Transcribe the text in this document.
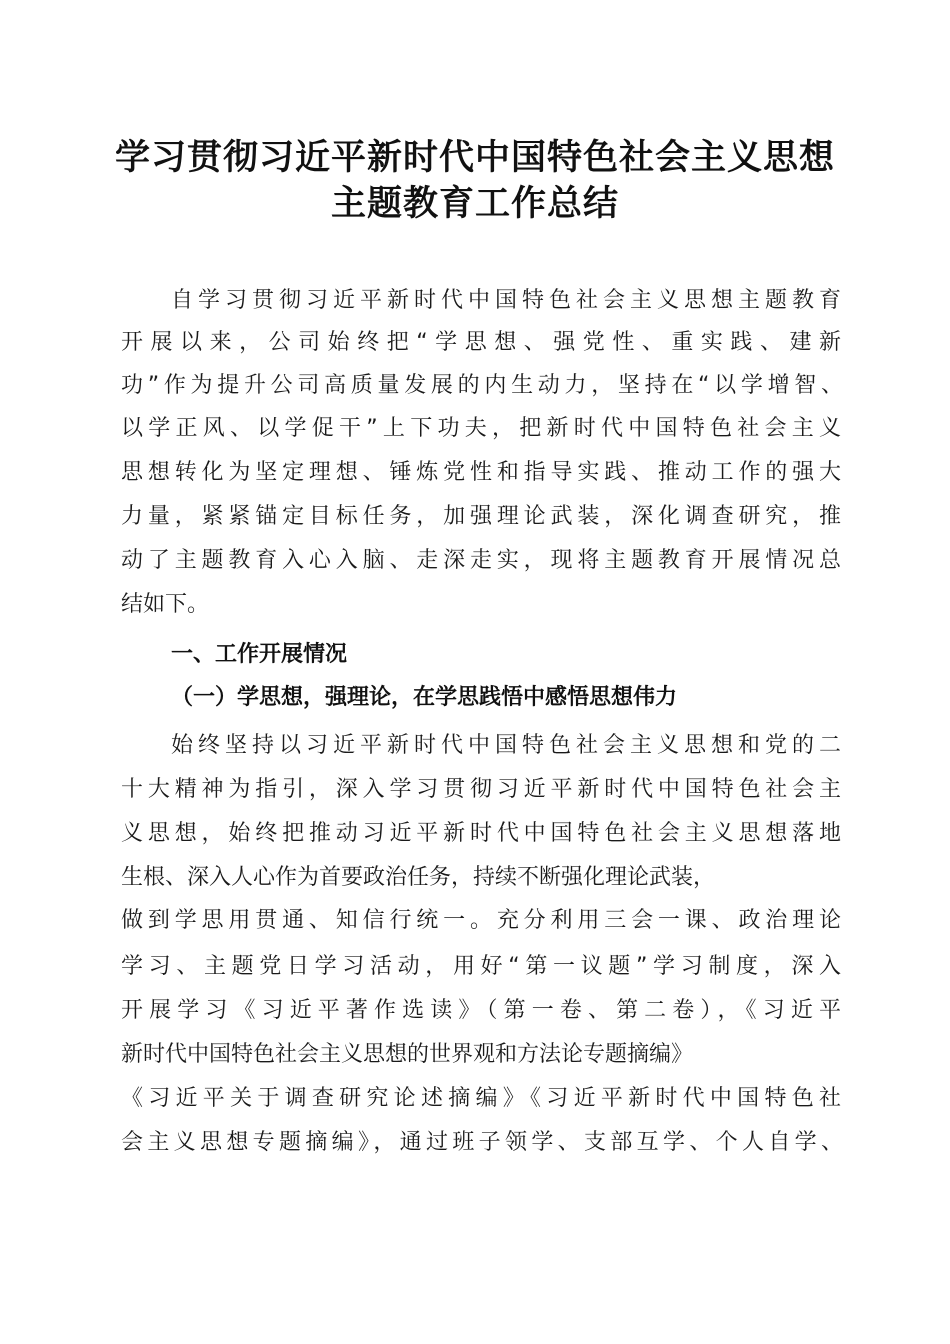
学习贯彻习近平新时代中国特色社会主义思想
主题教育工作总结
自学习贯彻习近平新时代中国特色社会主义思想主题教育
开展以来，公司始终把“学思想、强党性、重实践、建新
功”作为提升公司高质量发展的内生动力，坚持在“以学增智、
以学正风、以学促干”上下功夫，把新时代中国特色社会主义
思想转化为坚定理想、锤炼党性和指导实践、推动工作的强大
力量，紧紧锚定目标任务，加强理论武装，深化调查研究，推
动了主题教育入心入脑、走深走实，现将主题教育开展情况总
结如下。
一、工作开展情况
（一）学思想，强理论，在学思践悟中感悟思想伟力
始终坚持以习近平新时代中国特色社会主义思想和党的二
十大精神为指引，深入学习贯彻习近平新时代中国特色社会主
义思想，始终把推动习近平新时代中国特色社会主义思想落地
生根、深入人心作为首要政治任务，持续不断强化理论武装，
做到学思用贯通、知信行统一。充分利用三会一课、政治理论
学习、主题党日学习活动，用好“第一议题”学习制度，深入
开展学习《习近平著作选读》（第一卷、第二卷），《习近平
新时代中国特色社会主义思想的世界观和方法论专题摘编》
《习近平关于调查研究论述摘编》《习近平新时代中国特色社
会主义思想专题摘编》，通过班子领学、支部互学、个人自学、
